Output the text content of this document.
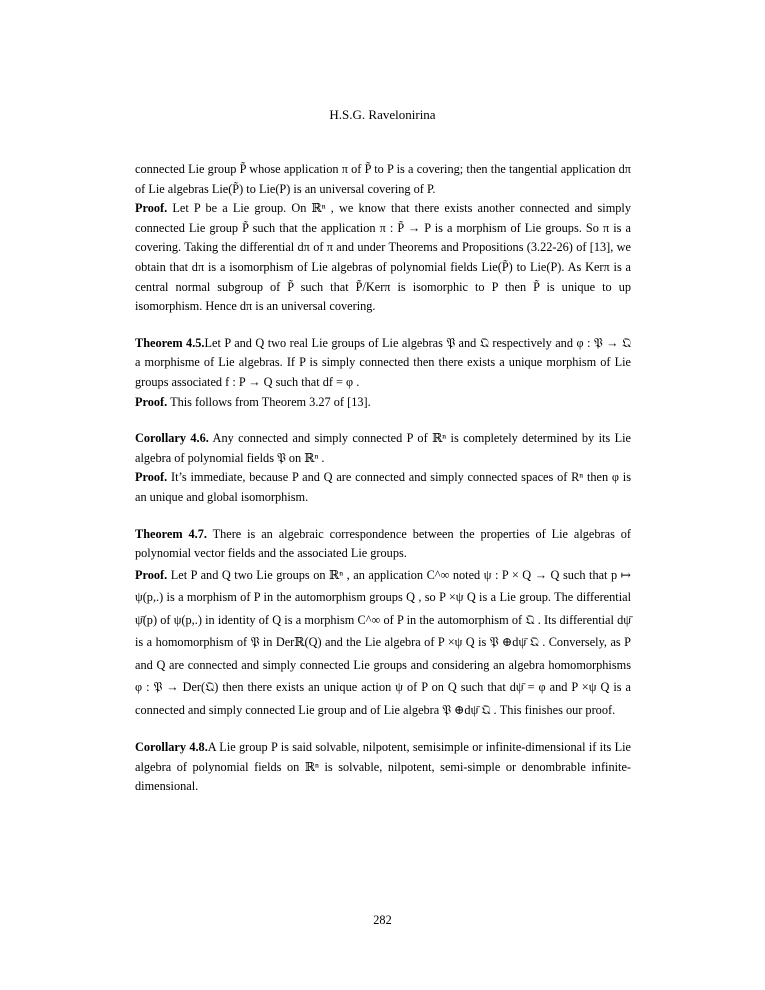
H.S.G. Ravelonirina

connected Lie group P̃ whose application π of P̃ to P is a covering; then the tangential application dπ of Lie algebras Lie(P̃) to Lie(P) is an universal covering of P.

Proof. Let P be a Lie group. On ℝⁿ , we know that there exists another connected and simply connected Lie group P̃ such that the application π : P̃ → P is a morphism of Lie groups. So π is a covering. Taking the differential dπ of π and under Theorems and Propositions (3.22-26) of [13], we obtain that dπ is a isomorphism of Lie algebras of polynomial fields Lie(P̃) to Lie(P). As Kerπ is a central normal subgroup of P̃ such that P̃/Kerπ is isomorphic to P then P̃ is unique to up isomorphism. Hence dπ is an universal covering.

Theorem 4.5.Let P and Q two real Lie groups of Lie algebras 𝔓 and 𝔔 respectively and φ : 𝔓 → 𝔔 a morphisme of Lie algebras. If P is simply connected then there exists a unique morphism of Lie groups associated f : P → Q such that df = φ .

Proof. This follows from Theorem 3.27 of [13].

Corollary 4.6. Any connected and simply connected P of ℝⁿ is completely determined by its Lie algebra of polynomial fields 𝔓 on ℝⁿ .

Proof. It’s immediate, because P and Q are connected and simply connected spaces of Rⁿ then φ is an unique and global isomorphism.

Theorem 4.7. There is an algebraic correspondence between the properties of Lie algebras of polynomial vector fields and the associated Lie groups.

Proof. Let P and Q two Lie groups on ℝⁿ , an application C^∞ noted ψ : P × Q → Q such that p ↦ ψ(p,.) is a morphism of P in the automorphism groups Q , so P ×ψ Q is a Lie group. The differential ψ̄(p) of ψ(p,.) in identity of Q is a morphism C^∞ of P in the automorphism of 𝔔 . Its differential dψ̄ is a homomorphism of 𝔓 in Derℝ(Q) and the Lie algebra of P ×ψ Q is 𝔓 ⊕dψ̄ 𝔔 . Conversely, as P and Q are connected and simply connected Lie groups and considering an algebra homomorphisms φ : 𝔓 → Der(𝔔) then there exists an unique action ψ of P on Q such that dψ̄ = φ and P ×ψ Q is a connected and simply connected Lie group and of Lie algebra 𝔓 ⊕dψ̄ 𝔔 . This finishes our proof.

Corollary 4.8.A Lie group P is said solvable, nilpotent, semisimple or infinite-dimensional if its Lie algebra of polynomial fields on ℝⁿ is solvable, nilpotent, semi-simple or denombrable infinite-dimensional.

282
